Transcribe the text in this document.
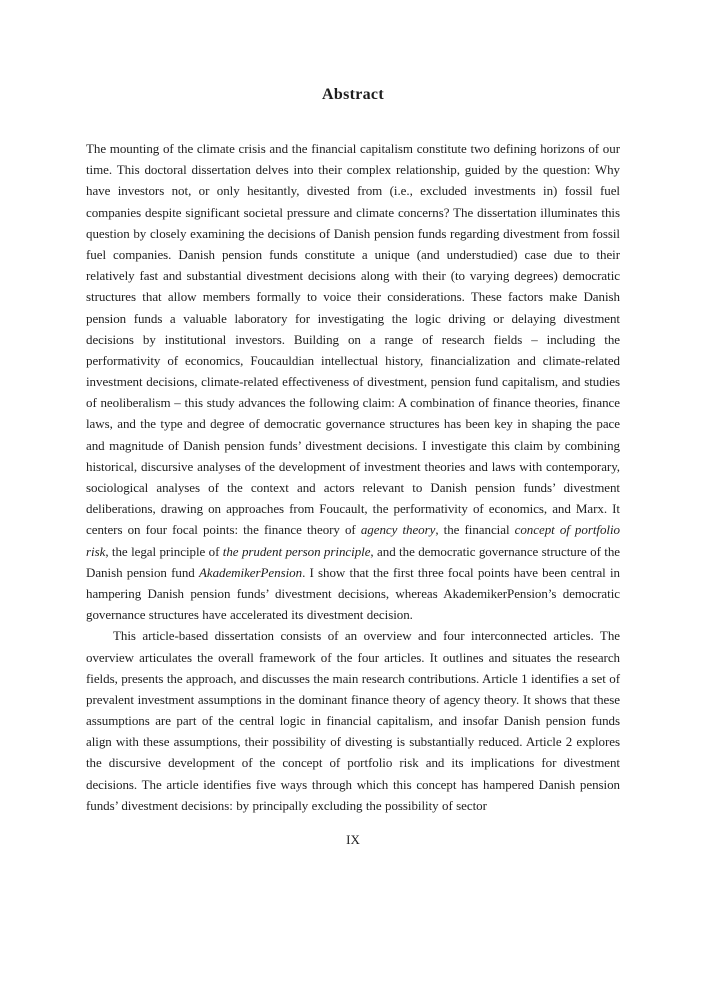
Abstract

The mounting of the climate crisis and the financial capitalism constitute two defining horizons of our time. This doctoral dissertation delves into their complex relationship, guided by the question: Why have investors not, or only hesitantly, divested from (i.e., excluded investments in) fossil fuel companies despite significant societal pressure and climate concerns? The dissertation illuminates this question by closely examining the decisions of Danish pension funds regarding divestment from fossil fuel companies. Danish pension funds constitute a unique (and understudied) case due to their relatively fast and substantial divestment decisions along with their (to varying degrees) democratic structures that allow members formally to voice their considerations. These factors make Danish pension funds a valuable laboratory for investigating the logic driving or delaying divestment decisions by institutional investors. Building on a range of research fields – including the performativity of economics, Foucauldian intellectual history, financialization and climate-related investment decisions, climate-related effectiveness of divestment, pension fund capitalism, and studies of neoliberalism – this study advances the following claim: A combination of finance theories, finance laws, and the type and degree of democratic governance structures has been key in shaping the pace and magnitude of Danish pension funds’ divestment decisions. I investigate this claim by combining historical, discursive analyses of the development of investment theories and laws with contemporary, sociological analyses of the context and actors relevant to Danish pension funds’ divestment deliberations, drawing on approaches from Foucault, the performativity of economics, and Marx. It centers on four focal points: the finance theory of agency theory, the financial concept of portfolio risk, the legal principle of the prudent person principle, and the democratic governance structure of the Danish pension fund AkademikerPension. I show that the first three focal points have been central in hampering Danish pension funds’ divestment decisions, whereas AkademikerPension’s democratic governance structures have accelerated its divestment decision.

This article-based dissertation consists of an overview and four interconnected articles. The overview articulates the overall framework of the four articles. It outlines and situates the research fields, presents the approach, and discusses the main research contributions. Article 1 identifies a set of prevalent investment assumptions in the dominant finance theory of agency theory. It shows that these assumptions are part of the central logic in financial capitalism, and insofar Danish pension funds align with these assumptions, their possibility of divesting is substantially reduced. Article 2 explores the discursive development of the concept of portfolio risk and its implications for divestment decisions. The article identifies five ways through which this concept has hampered Danish pension funds’ divestment decisions: by principally excluding the possibility of sector

IX
